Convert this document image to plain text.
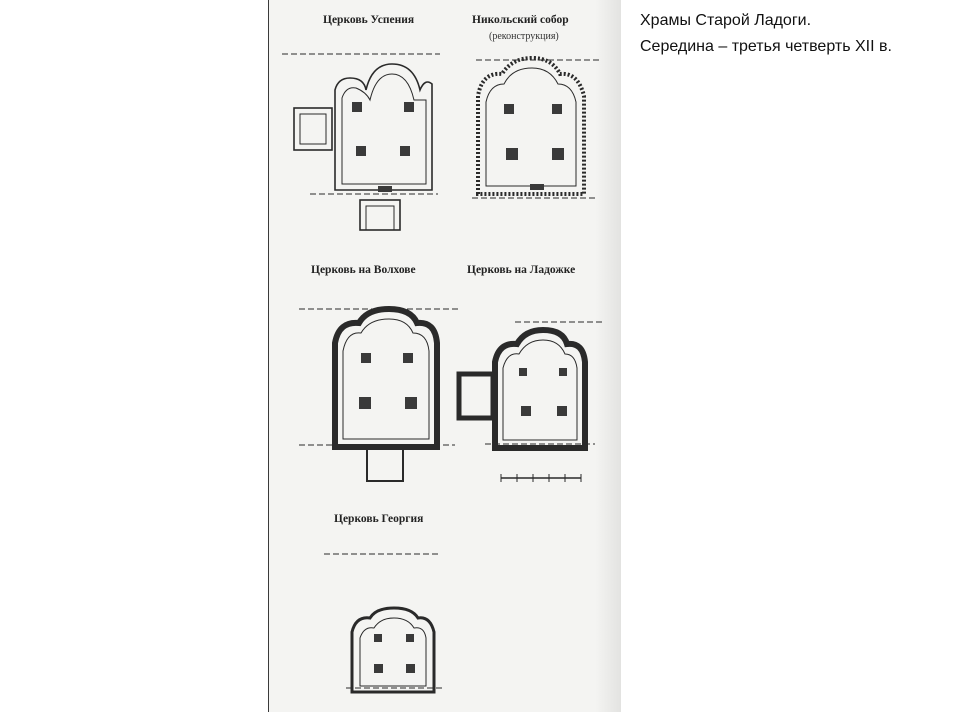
Церковь Успения	Никольский собор

(реконструкция)

Церковь на Волхове	Церковь на Ладожке

Церковь Георгия

Храмы Старой Ладоги.
Середина – третья четверть XII в.
